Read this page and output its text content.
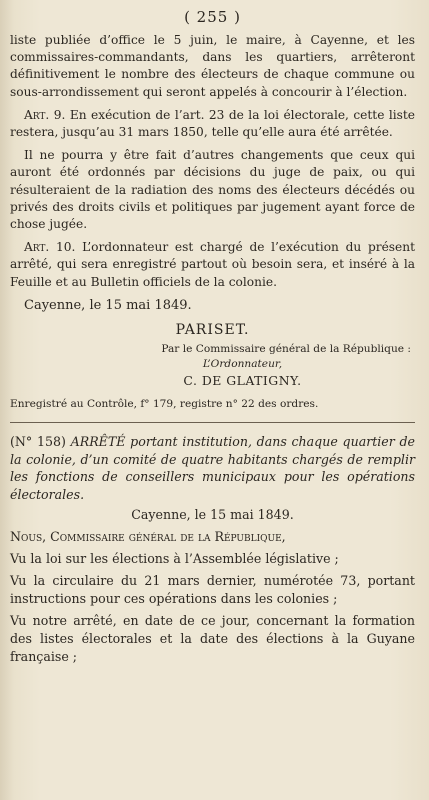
( 255 )

liste publiée d’office le 5 juin, le maire, à Cayenne, et les commissaires-commandants, dans les quartiers, arrêteront définitivement le nombre des électeurs de chaque commune ou sous-arrondissement qui seront appelés à concourir à l’élection.

Art. 9. En exécution de l’art. 23 de la loi électorale, cette liste restera, jusqu’au 31 mars 1850, telle qu’elle aura été arrêtée.

Il ne pourra y être fait d’autres changements que ceux qui auront été ordonnés par décisions du juge de paix, ou qui résulteraient de la radiation des noms des électeurs décédés ou privés des droits civils et politiques par jugement ayant force de chose jugée.

Art. 10. L’ordonnateur est chargé de l’exécution du présent arrêté, qui sera enregistré partout où besoin sera, et inséré à la Feuille et au Bulletin officiels de la colonie.

Cayenne, le 15 mai 1849.

PARISET.

Par le Commissaire général de la République :

L’Ordonnateur,

C. DE GLATIGNY.

Enregistré au Contrôle, f° 179, registre n° 22 des ordres.

(N° 158) ARRÊTÉ portant institution, dans chaque quartier de la colonie, d’un comité de quatre habitants chargés de remplir les fonctions de conseillers municipaux pour les opérations électorales.

Cayenne, le 15 mai 1849.

Nous, Commissaire général de la République,

Vu la loi sur les élections à l’Assemblée législative ;

Vu la circulaire du 21 mars dernier, numérotée 73, portant instructions pour ces opérations dans les colonies ;

Vu notre arrêté, en date de ce jour, concernant la formation des listes électorales et la date des élections à la Guyane française ;
